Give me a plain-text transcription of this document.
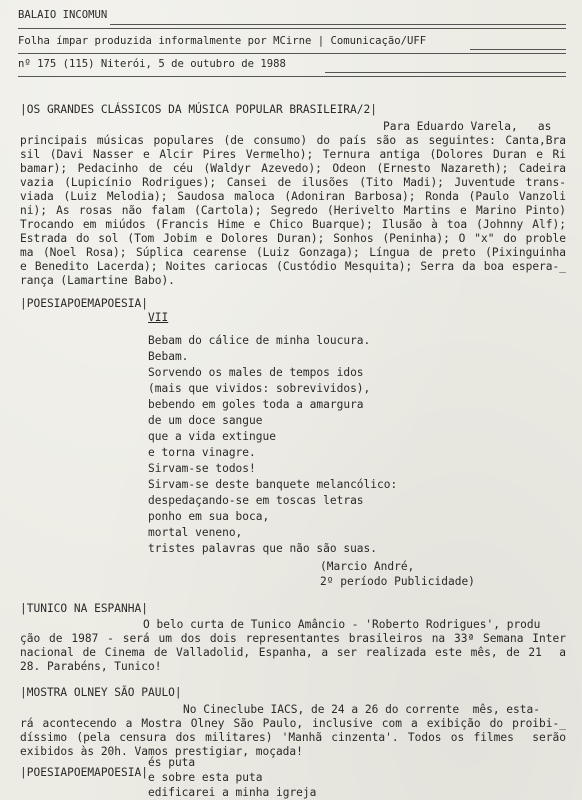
BALAIO INCOMUN
Folha ímpar produzida informalmente por MCirne | Comunicação/UFF
nº 175 (115) Niterói, 5 de outubro de 1988
|OS GRANDES CLÁSSICOS DA MÚSICA POPULAR BRASILEIRA/2|
Para Eduardo Varela,   as
principais músicas populares (de consumo) do país são as seguintes: Canta,Bra
sil (Davi Nasser e Alcir Pires Vermelho); Ternura antiga (Dolores Duran e Ri
bamar); Pedacinho de céu (Waldyr Azevedo); Odeon (Ernesto Nazareth); Cadeira
vazia (Lupicínio Rodrigues); Cansei de ilusões (Tito Madi); Juventude trans-
viada (Luiz Melodia); Saudosa maloca (Adoniran Barbosa); Ronda (Paulo Vanzoli
ni); As rosas não falam (Cartola); Segredo (Herivelto Martins e Marino Pinto)
Trocando em miúdos (Francis Hime e Chico Buarque); Ilusão à toa (Johnny Alf);
Estrada do sol (Tom Jobim e Dolores Duran); Sonhos (Peninha); O "x" do proble
ma (Noel Rosa); Súplica cearense (Luiz Gonzaga); Língua de preto (Pixinguinha
e Benedito Lacerda); Noites cariocas (Custódio Mesquita); Serra da boa espera-_
rança (Lamartine Babo).
|POESIAPOEMAPOESIA|
VII
Bebam do cálice de minha loucura.
Bebam.
Sorvendo os males de tempos idos
(mais que vividos: sobrevividos),
bebendo em goles toda a amargura
de um doce sangue
que a vida extingue
e torna vinagre.
Sirvam-se todos!
Sirvam-se deste banquete melancólico:
despedaçando-se em toscas letras
ponho em sua boca,
mortal veneno,
tristes palavras que não são suas.
(Marcio André,
2º período Publicidade)
|TUNICO NA ESPANHA|
O belo curta de Tunico Amâncio - 'Roberto Rodrigues', produ
ção de 1987 - será um dos dois representantes brasileiros na 33ª Semana Inter
nacional de Cinema de Valladolid, Espanha, a ser realizada este mês, de 21  a
28. Parabéns, Tunico!
|MOSTRA OLNEY SÃO PAULO|
No Cineclube IACS, de 24 a 26 do corrente  mês, esta-
rá acontecendo a Mostra Olney São Paulo, inclusive com a exibição do proibi-_
díssimo (pela censura dos militares) 'Manhã cinzenta'. Todos os filmes  serão
exibidos às 20h. Vamos prestigiar, moçada!
|POESIAPOEMAPOESIA|
és puta
e sobre esta puta
edificarei a minha igreja
